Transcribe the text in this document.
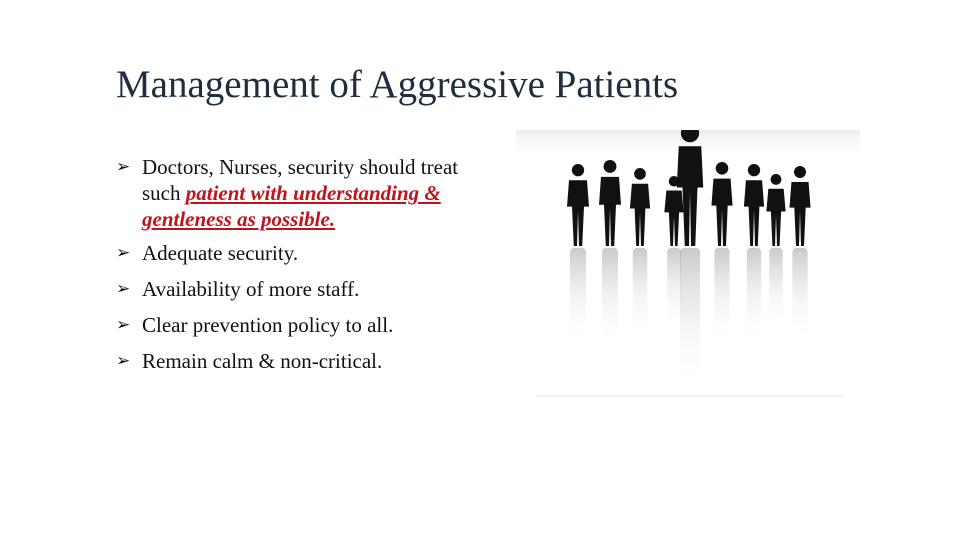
Management of Aggressive Patients
➢ Doctors, Nurses, security should treat such patient with understanding & gentleness as possible.
➢ Adequate security.
➢ Availability of more staff.
➢ Clear prevention policy to all.
➢ Remain calm & non-critical.
